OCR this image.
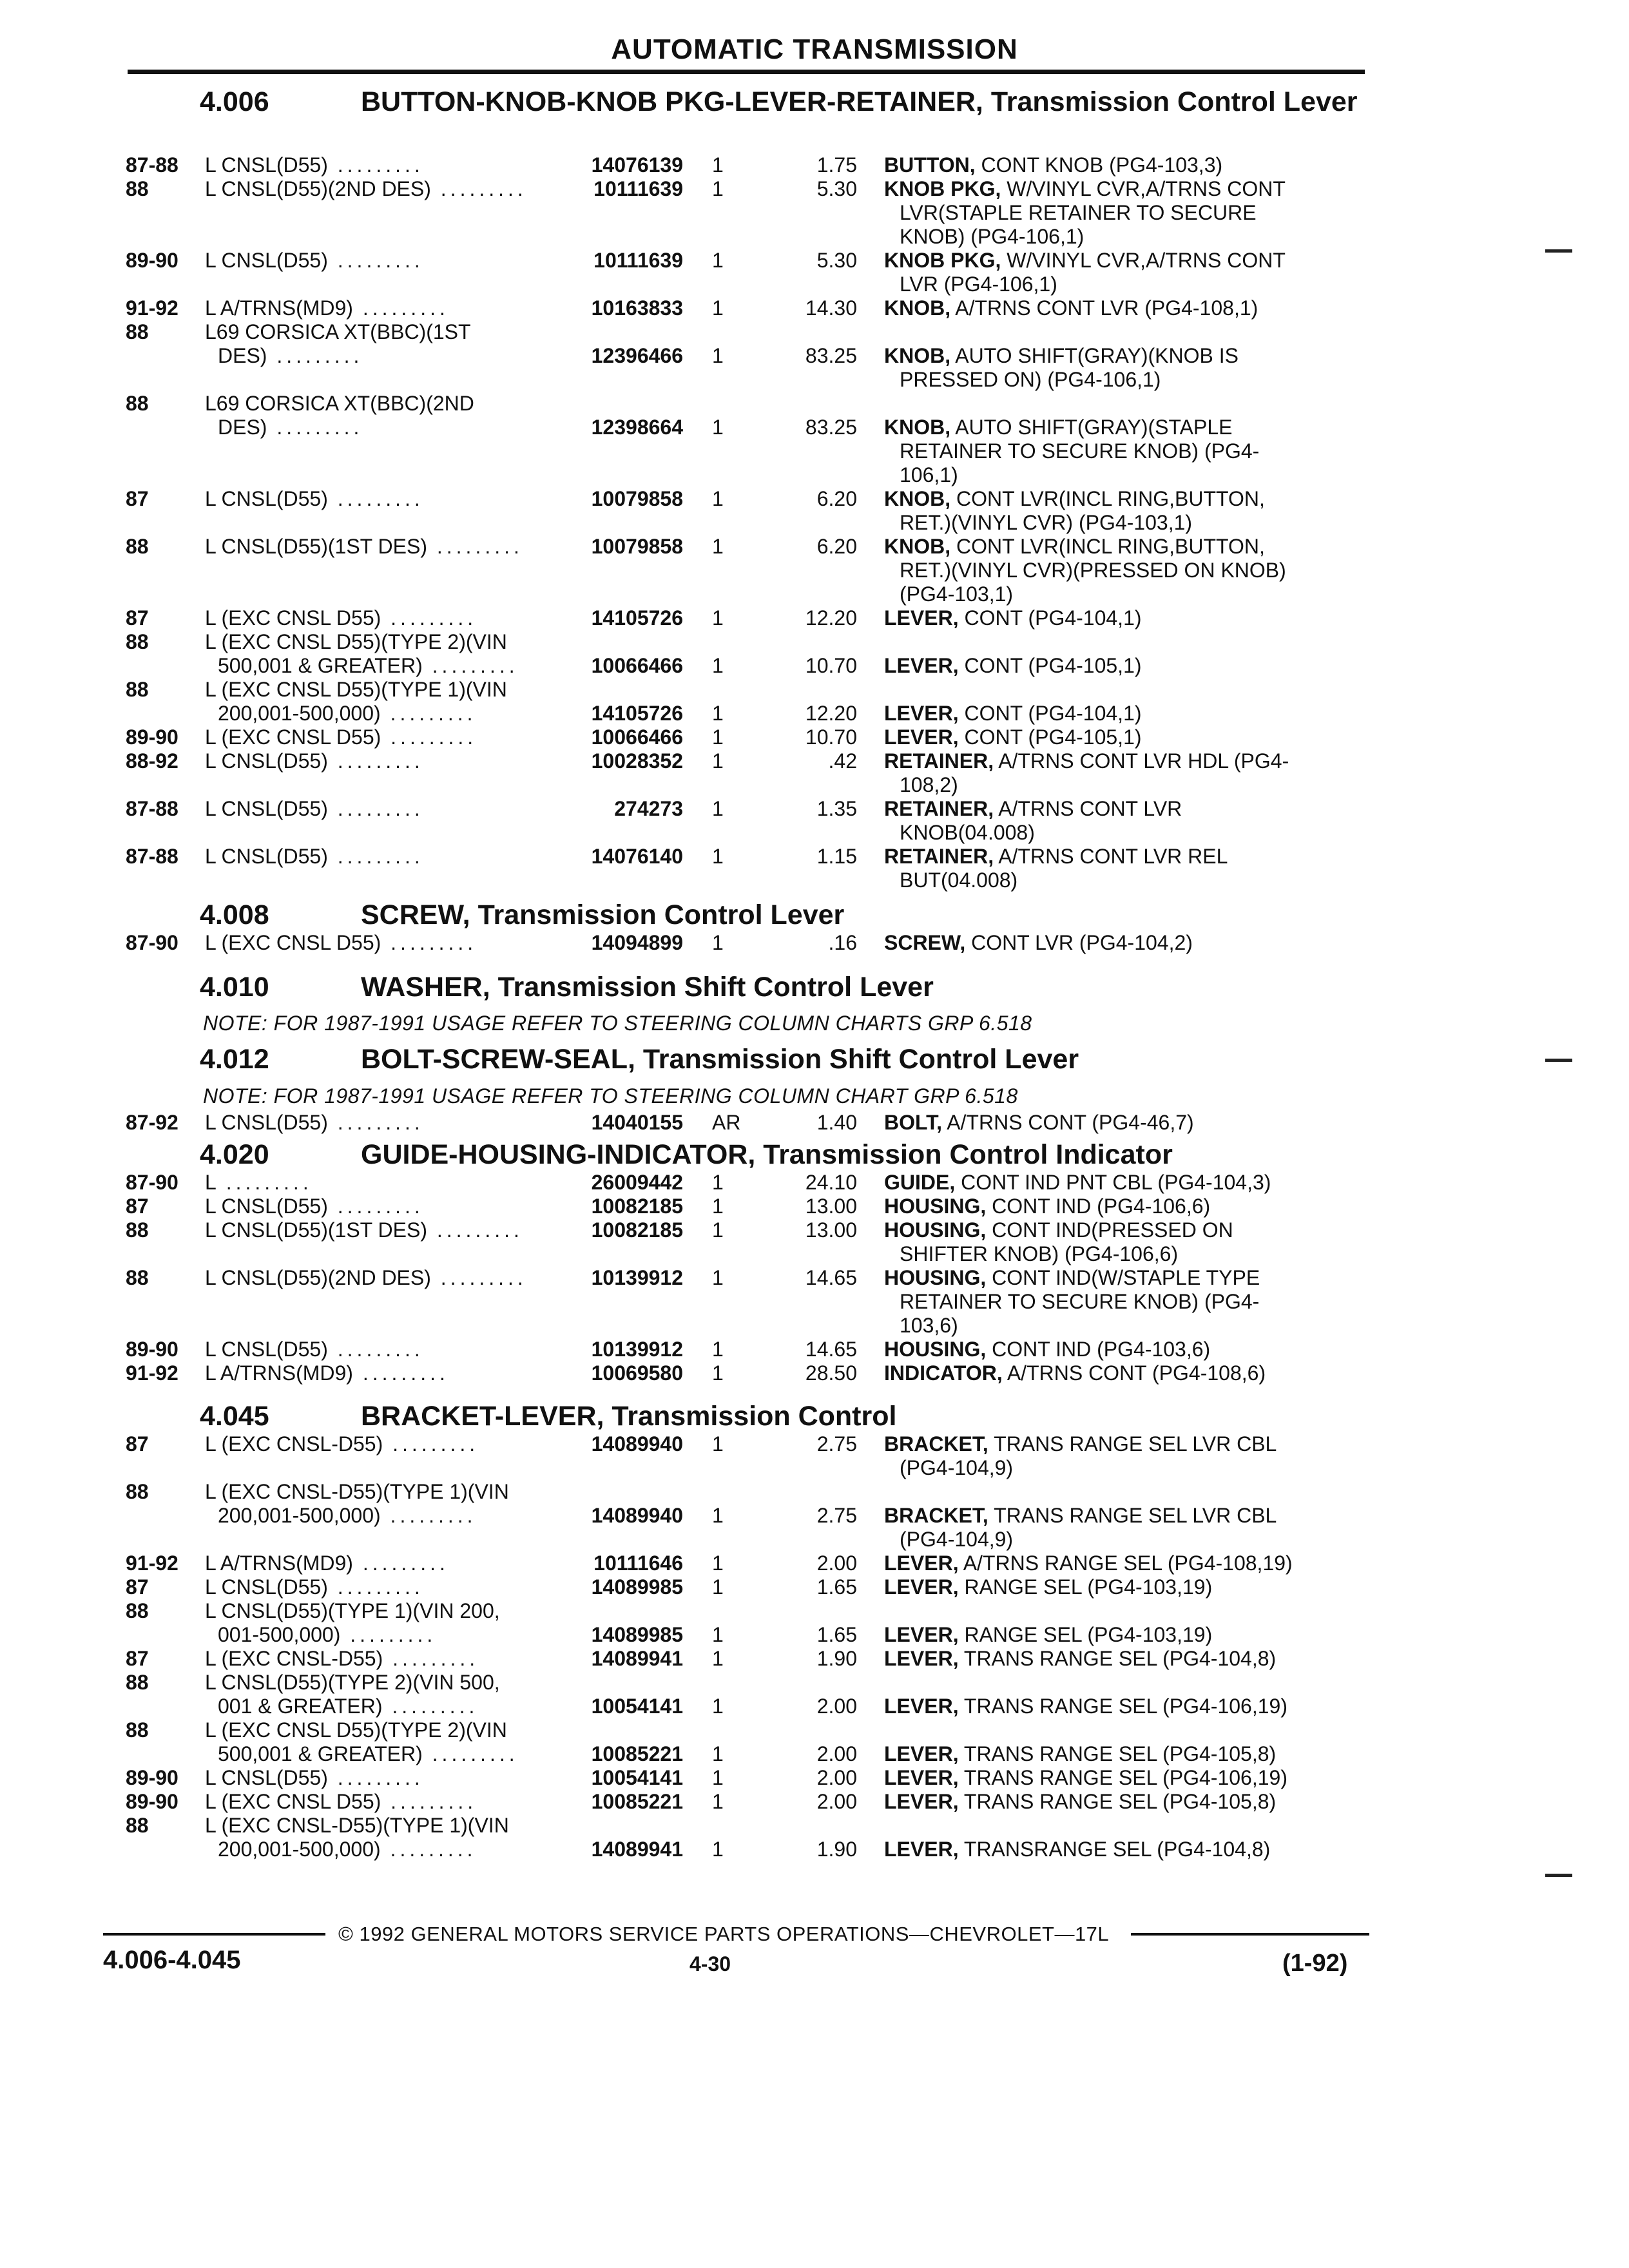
AUTOMATIC TRANSMISSION
4.006	BUTTON-KNOB-KNOB PKG-LEVER-RETAINER, Transmission Control Lever
87-88 L CNSL(D55) .........	14076139 1	1.75 BUTTON, CONT KNOB (PG4-103,3)
88	L CNSL(D55)(2ND DES) .........	10111639 1	5.30 KNOB PKG, W/VINYL CVR,A/TRNS CONT
LVR(STAPLE RETAINER TO SECURE
KNOB) (PG4-106,1)
89-90 L CNSL(D55) .........	10111639 1	5.30 KNOB PKG, W/VINYL CVR,A/TRNS CONT
LVR (PG4-106,1)
91-92 L A/TRNS(MD9) .........	10163833 1	14.30 KNOB, A/TRNS CONT LVR (PG4-108,1)
88	L69 CORSICA XT(BBC)(1ST
DES) .........	12396466 1	83.25 KNOB, AUTO SHIFT(GRAY)(KNOB IS
PRESSED ON) (PG4-106,1)
88	L69 CORSICA XT(BBC)(2ND
DES) .........	12398664 1	83.25 KNOB, AUTO SHIFT(GRAY)(STAPLE
RETAINER TO SECURE KNOB) (PG4-
106,1)
87	L CNSL(D55) .........	10079858 1	6.20 KNOB, CONT LVR(INCL RING,BUTTON,
RET.)(VINYL CVR) (PG4-103,1)
88	L CNSL(D55)(1ST DES) .........	10079858 1	6.20 KNOB, CONT LVR(INCL RING,BUTTON,
RET.)(VINYL CVR)(PRESSED ON KNOB)
(PG4-103,1)
87	L (EXC CNSL D55) .........	14105726 1	12.20 LEVER, CONT (PG4-104,1)
88	L (EXC CNSL D55)(TYPE 2)(VIN
500,001 & GREATER) .........	10066466 1	10.70 LEVER, CONT (PG4-105,1)
88	L (EXC CNSL D55)(TYPE 1)(VIN
200,001-500,000) .........	14105726 1	12.20 LEVER, CONT (PG4-104,1)
89-90 L (EXC CNSL D55) .........	10066466 1	10.70 LEVER, CONT (PG4-105,1)
88-92 L CNSL(D55) .........	10028352 1	.42 RETAINER, A/TRNS CONT LVR HDL (PG4-
108,2)
87-88 L CNSL(D55) .........	274273 1	1.35 RETAINER, A/TRNS CONT LVR
KNOB(04.008)
87-88 L CNSL(D55) .........	14076140 1	1.15 RETAINER, A/TRNS CONT LVR REL
BUT(04.008)
4.008	SCREW, Transmission Control Lever
87-90 L (EXC CNSL D55) .........	14094899 1	.16 SCREW, CONT LVR (PG4-104,2)
4.010	WASHER, Transmission Shift Control Lever
NOTE: FOR 1987-1991 USAGE REFER TO STEERING COLUMN CHARTS GRP 6.518
4.012	BOLT-SCREW-SEAL, Transmission Shift Control Lever
NOTE: FOR 1987-1991 USAGE REFER TO STEERING COLUMN CHART GRP 6.518
87-92 L CNSL(D55) .........	14040155 AR	1.40 BOLT, A/TRNS CONT (PG4-46,7)
4.020	GUIDE-HOUSING-INDICATOR, Transmission Control Indicator
87-90 L .........	26009442 1	24.10 GUIDE, CONT IND PNT CBL (PG4-104,3)
87	L CNSL(D55) .........	10082185 1	13.00 HOUSING, CONT IND (PG4-106,6)
88	L CNSL(D55)(1ST DES) .........	10082185 1	13.00 HOUSING, CONT IND(PRESSED ON
SHIFTER KNOB) (PG4-106,6)
88	L CNSL(D55)(2ND DES) .........	10139912 1	14.65 HOUSING, CONT IND(W/STAPLE TYPE
RETAINER TO SECURE KNOB) (PG4-
103,6)
89-90 L CNSL(D55) .........	10139912 1	14.65 HOUSING, CONT IND (PG4-103,6)
91-92 L A/TRNS(MD9) .........	10069580 1	28.50 INDICATOR, A/TRNS CONT (PG4-108,6)
4.045	BRACKET-LEVER, Transmission Control
87	L (EXC CNSL-D55) .........	14089940 1	2.75 BRACKET, TRANS RANGE SEL LVR CBL
(PG4-104,9)
88	L (EXC CNSL-D55)(TYPE 1)(VIN
200,001-500,000) .........	14089940 1	2.75 BRACKET, TRANS RANGE SEL LVR CBL
(PG4-104,9)
91-92 L A/TRNS(MD9) .........	10111646 1	2.00 LEVER, A/TRNS RANGE SEL (PG4-108,19)
87	L CNSL(D55) .........	14089985 1	1.65 LEVER, RANGE SEL (PG4-103,19)
88	L CNSL(D55)(TYPE 1)(VIN 200,
001-500,000) .........	14089985 1	1.65 LEVER, RANGE SEL (PG4-103,19)
87	L (EXC CNSL-D55) .........	14089941 1	1.90 LEVER, TRANS RANGE SEL (PG4-104,8)
88	L CNSL(D55)(TYPE 2)(VIN 500,
001 & GREATER) .........	10054141 1	2.00 LEVER, TRANS RANGE SEL (PG4-106,19)
88	L (EXC CNSL D55)(TYPE 2)(VIN
500,001 & GREATER) .........	10085221 1	2.00 LEVER, TRANS RANGE SEL (PG4-105,8)
89-90 L CNSL(D55) .........	10054141 1	2.00 LEVER, TRANS RANGE SEL (PG4-106,19)
89-90 L (EXC CNSL D55) .........	10085221 1	2.00 LEVER, TRANS RANGE SEL (PG4-105,8)
88	L (EXC CNSL-D55)(TYPE 1)(VIN
200,001-500,000) .........	14089941 1	1.90 LEVER, TRANSRANGE SEL (PG4-104,8)
© 1992 GENERAL MOTORS SERVICE PARTS OPERATIONS—CHEVROLET—17L
4.006-4.045	4-30	(1-92)
